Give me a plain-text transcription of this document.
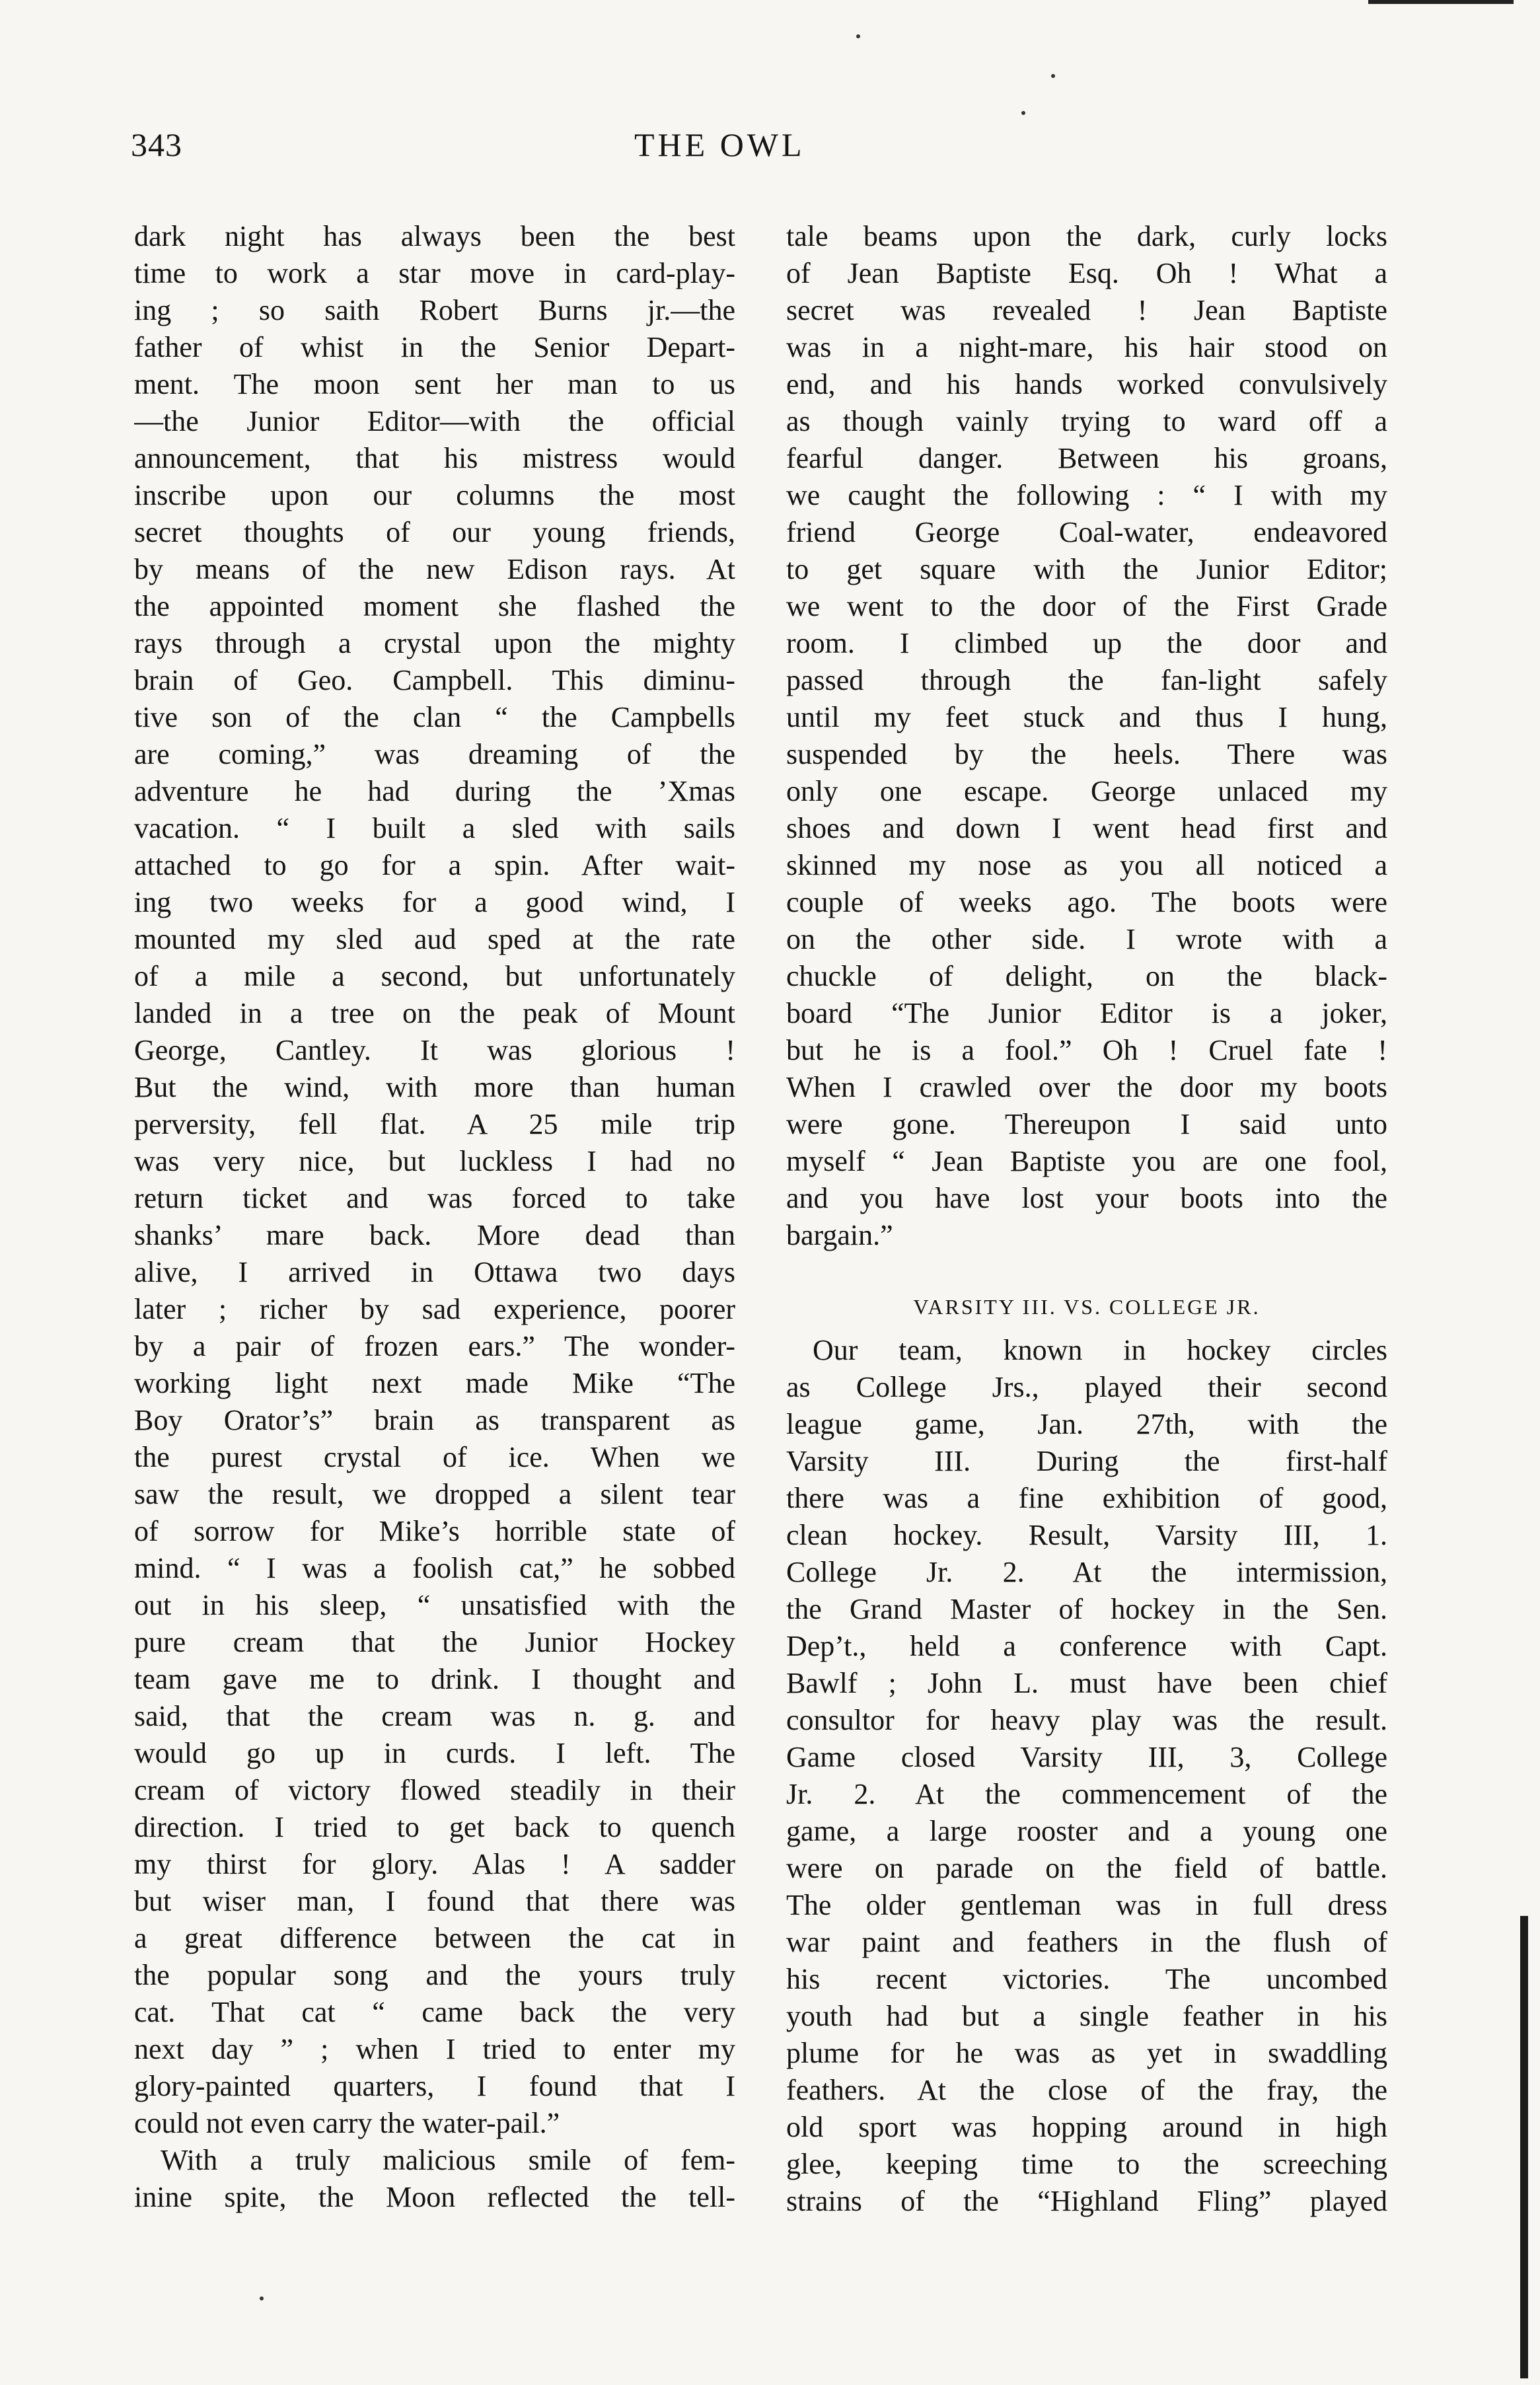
343	THE OWL
dark night has always been the best
time to work a star move in card-play-
ing ; so saith Robert Burns jr.—the
father of whist in the Senior Depart-
ment. The moon sent her man to us
—the Junior Editor—with the official
announcement, that his mistress would
inscribe upon our columns the most
secret thoughts of our young friends,
by means of the new Edison rays. At
the appointed moment she flashed the
rays through a crystal upon the mighty
brain of Geo. Campbell. This diminu-
tive son of the clan “ the Campbells
are coming,” was dreaming of the
adventure he had during the ’Xmas
vacation. “ I built a sled with sails
attached to go for a spin. After wait-
ing two weeks for a good wind, I
mounted my sled aud sped at the rate
of a mile a second, but unfortunately
landed in a tree on the peak of Mount
George, Cantley. It was glorious !
But the wind, with more than human
perversity, fell flat. A 25 mile trip
was very nice, but luckless I had no
return ticket and was forced to take
shanks’ mare back. More dead than
alive, I arrived in Ottawa two days
later ; richer by sad experience, poorer
by a pair of frozen ears.” The wonder-
working light next made Mike “The
Boy Orator’s” brain as transparent as
the purest crystal of ice. When we
saw the result, we dropped a silent tear
of sorrow for Mike’s horrible state of
mind. “ I was a foolish cat,” he sobbed
out in his sleep, “ unsatisfied with the
pure cream that the Junior Hockey
team gave me to drink. I thought and
said, that the cream was n. g. and
would go up in curds. I left. The
cream of victory flowed steadily in their
direction. I tried to get back to quench
my thirst for glory. Alas ! A sadder
but wiser man, I found that there was
a great difference between the cat in
the popular song and the yours truly
cat. That cat “ came back the very
next day ” ; when I tried to enter my
glory-painted quarters, I found that I
could not even carry the water-pail.”
With a truly malicious smile of fem-
inine spite, the Moon reflected the tell-
tale beams upon the dark, curly locks
of Jean Baptiste Esq. Oh ! What a
secret was revealed ! Jean Baptiste
was in a night-mare, his hair stood on
end, and his hands worked convulsively
as though vainly trying to ward off a
fearful danger. Between his groans,
we caught the following : “ I with my
friend George Coal-water, endeavored
to get square with the Junior Editor;
we went to the door of the First Grade
room. I climbed up the door and
passed through the fan-light safely
until my feet stuck and thus I hung,
suspended by the heels. There was
only one escape. George unlaced my
shoes and down I went head first and
skinned my nose as you all noticed a
couple of weeks ago. The boots were
on the other side. I wrote with a
chuckle of delight, on the black-
board “The Junior Editor is a joker,
but he is a fool.” Oh ! Cruel fate !
When I crawled over the door my boots
were gone. Thereupon I said unto
myself “ Jean Baptiste you are one fool,
and you have lost your boots into the
bargain.”
VARSITY III. VS. COLLEGE JR.
Our team, known in hockey circles
as College Jrs., played their second
league game, Jan. 27th, with the
Varsity III. During the first-half
there was a fine exhibition of good,
clean hockey. Result, Varsity III, 1.
College Jr. 2. At the intermission,
the Grand Master of hockey in the Sen.
Dep’t., held a conference with Capt.
Bawlf ; John L. must have been chief
consultor for heavy play was the result.
Game closed Varsity III, 3, College
Jr. 2. At the commencement of the
game, a large rooster and a young one
were on parade on the field of battle.
The older gentleman was in full dress
war paint and feathers in the flush of
his recent victories. The uncombed
youth had but a single feather in his
plume for he was as yet in swaddling
feathers. At the close of the fray, the
old sport was hopping around in high
glee, keeping time to the screeching
strains of the “Highland Fling” played
